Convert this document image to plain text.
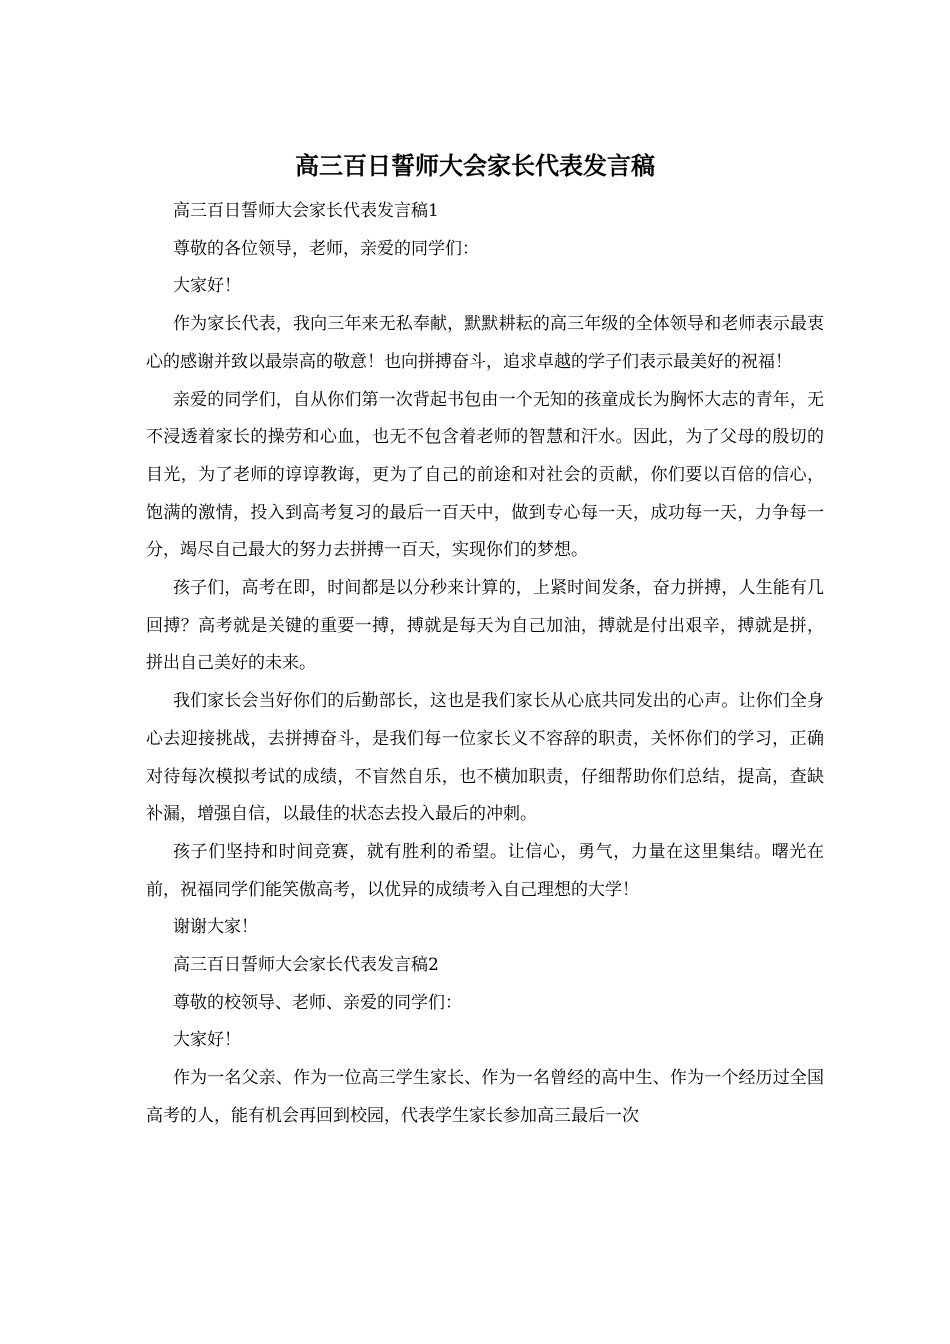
高三百日誓师大会家长代表发言稿

高三百日誓师大会家长代表发言稿1

尊敬的各位领导，老师，亲爱的同学们：

大家好！

作为家长代表，我向三年来无私奉献，默默耕耘的高三年级的全体领导和老师表示最衷心的感谢并致以最崇高的敬意！也向拼搏奋斗，追求卓越的学子们表示最美好的祝福！

亲爱的同学们，自从你们第一次背起书包由一个无知的孩童成长为胸怀大志的青年，无不浸透着家长的操劳和心血，也无不包含着老师的智慧和汗水。因此，为了父母的殷切的目光，为了老师的谆谆教诲，更为了自己的前途和对社会的贡献，你们要以百倍的信心，饱满的激情，投入到高考复习的最后一百天中，做到专心每一天，成功每一天，力争每一分，竭尽自己最大的努力去拼搏一百天，实现你们的梦想。

孩子们，高考在即，时间都是以分秒来计算的，上紧时间发条，奋力拼搏，人生能有几回搏？高考就是关键的重要一搏，搏就是每天为自己加油，搏就是付出艰辛，搏就是拼，拼出自己美好的未来。

我们家长会当好你们的后勤部长，这也是我们家长从心底共同发出的心声。让你们全身心去迎接挑战，去拼搏奋斗，是我们每一位家长义不容辞的职责，关怀你们的学习，正确对待每次模拟考试的成绩，不盲然自乐，也不横加职责，仔细帮助你们总结，提高，查缺补漏，增强自信，以最佳的状态去投入最后的冲刺。

孩子们坚持和时间竞赛，就有胜利的希望。让信心，勇气，力量在这里集结。曙光在前，祝福同学们能笑傲高考，以优异的成绩考入自己理想的大学！

谢谢大家！

高三百日誓师大会家长代表发言稿2

尊敬的校领导、老师、亲爱的同学们：

大家好！

作为一名父亲、作为一位高三学生家长、作为一名曾经的高中生、作为一个经历过全国高考的人，能有机会再回到校园，代表学生家长参加高三最后一次
